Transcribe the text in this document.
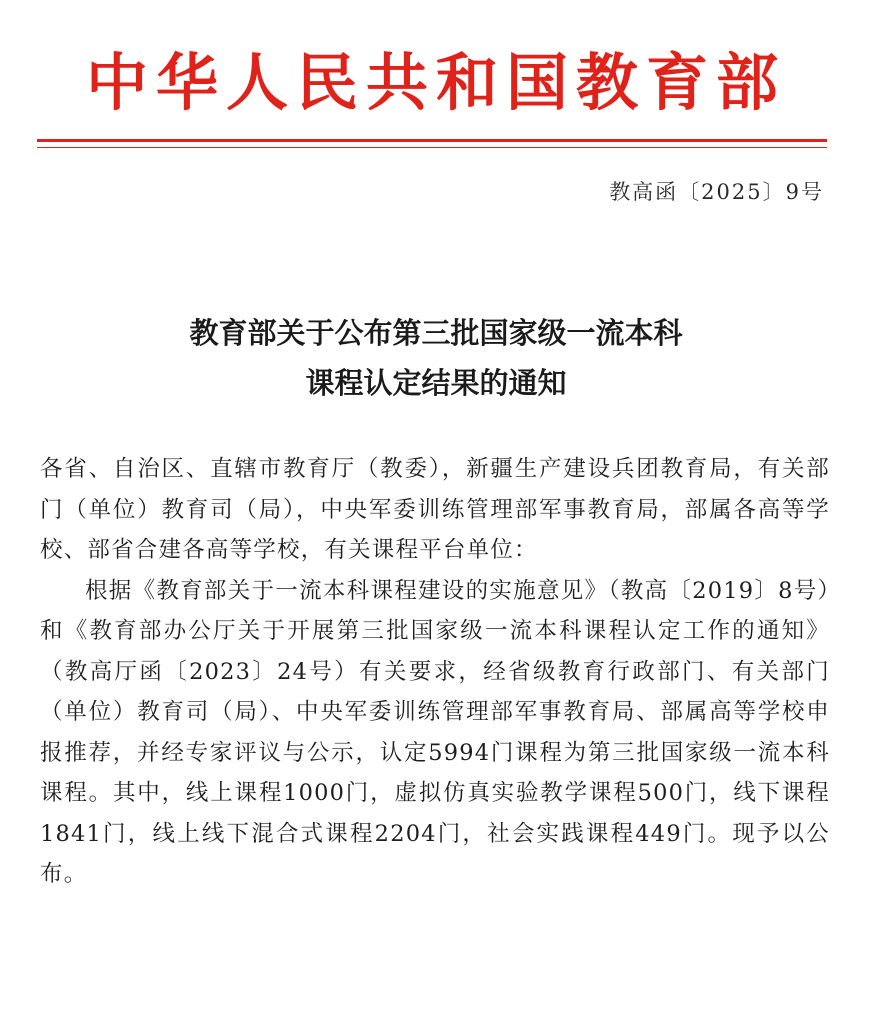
中华人民共和国教育部
教高函〔2025〕9号
教育部关于公布第三批国家级一流本科
课程认定结果的通知

各省、自治区、直辖市教育厅（教委），新疆生产建设兵团教育局，有关部门（单位）教育司（局），中央军委训练管理部军事教育局，部属各高等学校、部省合建各高等学校，有关课程平台单位：

根据《教育部关于一流本科课程建设的实施意见》（教高〔2019〕8号）和《教育部办公厅关于开展第三批国家级一流本科课程认定工作的通知》（教高厅函〔2023〕24号）有关要求，经省级教育行政部门、有关部门（单位）教育司（局）、中央军委训练管理部军事教育局、部属高等学校申报推荐，并经专家评议与公示，认定5994门课程为第三批国家级一流本科课程。其中，线上课程1000门，虚拟仿真实验教学课程500门，线下课程1841门，线上线下混合式课程2204门，社会实践课程449门。现予以公布。
